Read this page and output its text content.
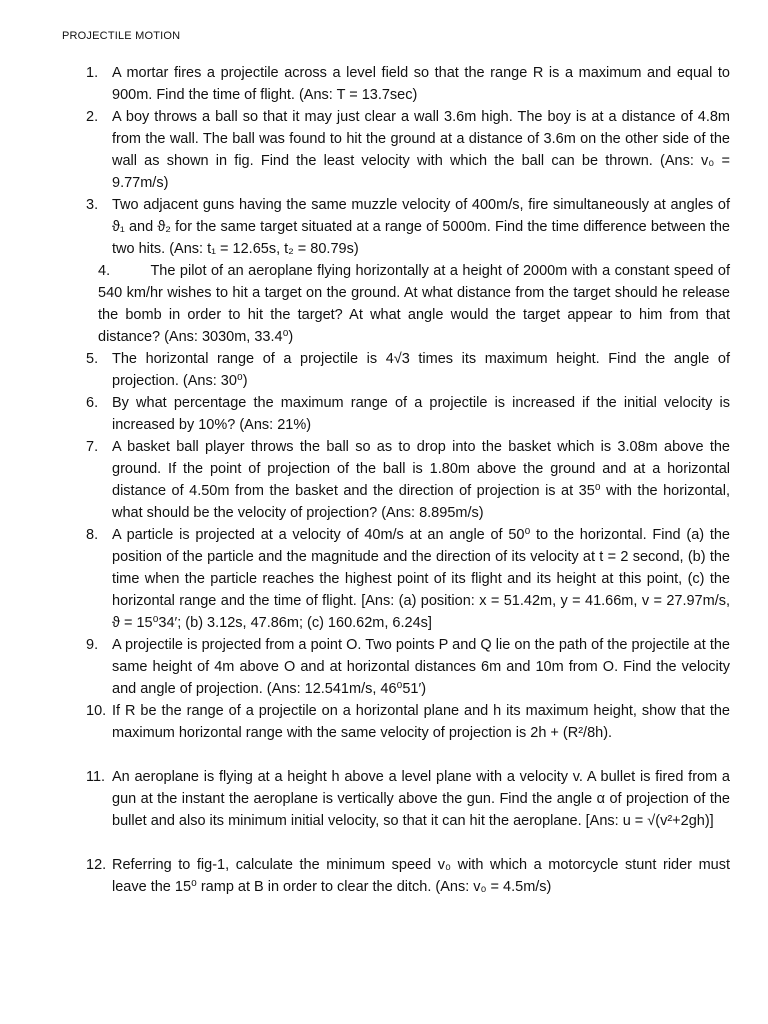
PROJECTILE MOTION
1. A mortar fires a projectile across a level field so that the range R is a maximum and equal to 900m. Find the time of flight. (Ans: T = 13.7sec)
2. A boy throws a ball so that it may just clear a wall 3.6m high. The boy is at a distance of 4.8m from the wall. The ball was found to hit the ground at a distance of 3.6m on the other side of the wall as shown in fig. Find the least velocity with which the ball can be thrown. (Ans: v₀ = 9.77m/s)
3. Two adjacent guns having the same muzzle velocity of 400m/s, fire simultaneously at angles of ϑ₁ and ϑ₂ for the same target situated at a range of 5000m. Find the time difference between the two hits. (Ans: t₁ = 12.65s, t₂ = 80.79s)
4.	The pilot of an aeroplane flying horizontally at a height of 2000m with a constant speed of 540 km/hr wishes to hit a target on the ground. At what distance from the target should he release the bomb in order to hit the target? At what angle would the target appear to him from that distance? (Ans: 3030m, 33.4⁰)
5. The horizontal range of a projectile is 4√3 times its maximum height. Find the angle of projection. (Ans: 30⁰)
6. By what percentage the maximum range of a projectile is increased if the initial velocity is increased by 10%? (Ans: 21%)
7. A basket ball player throws the ball so as to drop into the basket which is 3.08m above the ground. If the point of projection of the ball is 1.80m above the ground and at a horizontal distance of 4.50m from the basket and the direction of projection is at 35⁰ with the horizontal, what should be the velocity of projection? (Ans: 8.895m/s)
8. A particle is projected at a velocity of 40m/s at an angle of 50⁰ to the horizontal. Find (a) the position of the particle and the magnitude and the direction of its velocity at t = 2 second, (b) the time when the particle reaches the highest point of its flight and its height at this point, (c) the horizontal range and the time of flight. [Ans: (a) position: x = 51.42m, y = 41.66m, v = 27.97m/s, ϑ = 15⁰34′; (b) 3.12s, 47.86m; (c) 160.62m, 6.24s]
9. A projectile is projected from a point O. Two points P and Q lie on the path of the projectile at the same height of 4m above O and at horizontal distances 6m and 10m from O. Find the velocity and angle of projection. (Ans: 12.541m/s, 46⁰51′)
10. If R be the range of a projectile on a horizontal plane and h its maximum height, show that the maximum horizontal range with the same velocity of projection is 2h + (R²/8h).
11. An aeroplane is flying at a height h above a level plane with a velocity v. A bullet is fired from a gun at the instant the aeroplane is vertically above the gun. Find the angle α of projection of the bullet and also its minimum initial velocity, so that it can hit the aeroplane. [Ans: u = √(v²+2gh)]
12. Referring to fig-1, calculate the minimum speed v₀ with which a motorcycle stunt rider must leave the 15⁰ ramp at B in order to clear the ditch. (Ans: v₀ = 4.5m/s)
